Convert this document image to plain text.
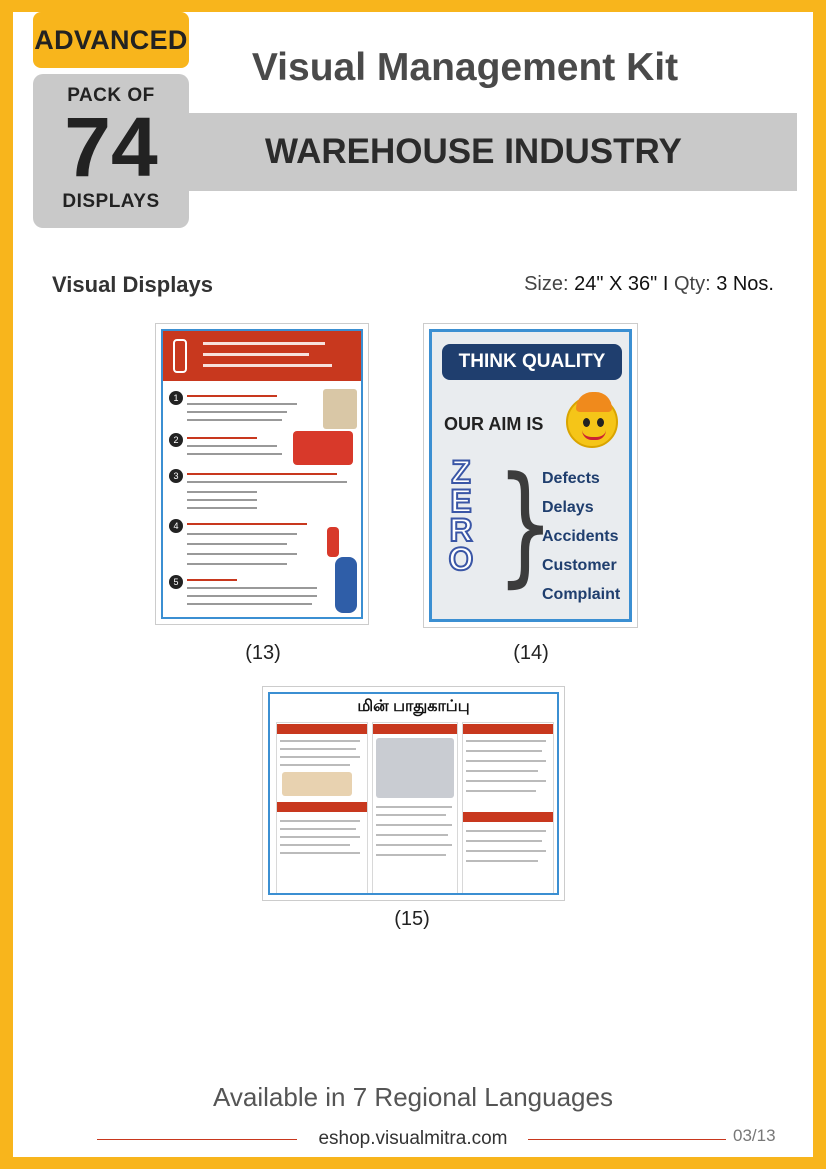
ADVANCED
PACK OF
74
DISPLAYS
Visual Management Kit
WAREHOUSE INDUSTRY
Visual Displays	Size: 24" X 36" I Qty: 3 Nos.
1
2
3
4
5
(13)
THINK QUALITY
OUR AIM IS
Z
E
R
O }
Defects
Delays
Accidents
Customer
Complaint
(14)
மின் பாதுகாப்பு
(15)
Available in 7 Regional Languages
eshop.visualmitra.com	03/13
